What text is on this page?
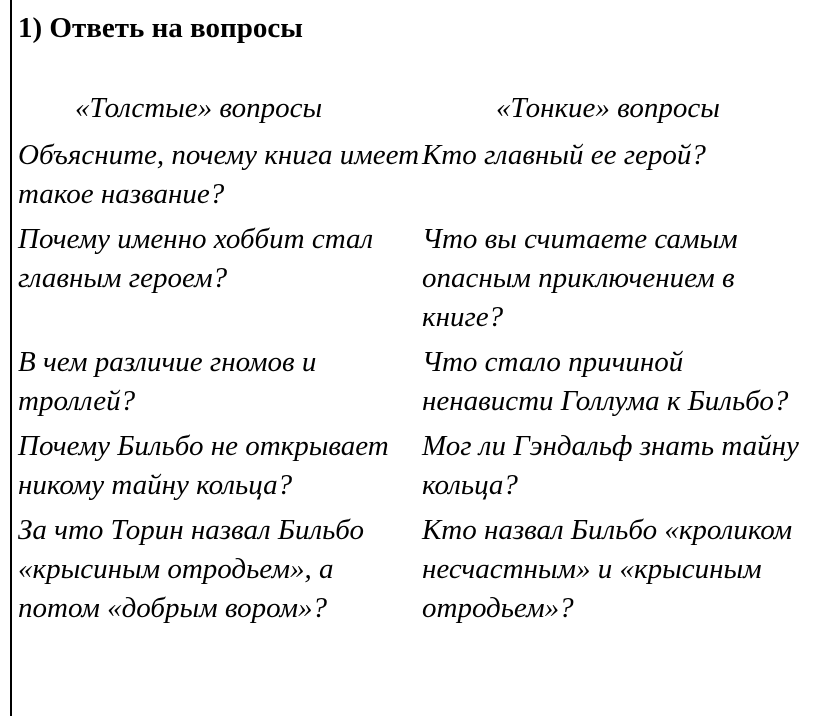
1) Ответь на вопросы
«Толстые» вопросы	«Тонкие» вопросы
Объясните, почему книга имеет такое название?	Кто главный ее герой?
Почему именно хоббит стал главным героем?	Что вы считаете самым опасным приключением в книге?
В чем различие гномов и троллей?	Что стало причиной ненависти Голлума к Бильбо?
Почему Бильбо не открывает никому тайну кольца?	Мог ли Гэндальф знать тайну кольца?
За что Торин назвал Бильбо «крысиным отродьем», а потом «добрым вором»?	Кто назвал Бильбо «кроликом несчастным» и «крысиным отродьем»?
